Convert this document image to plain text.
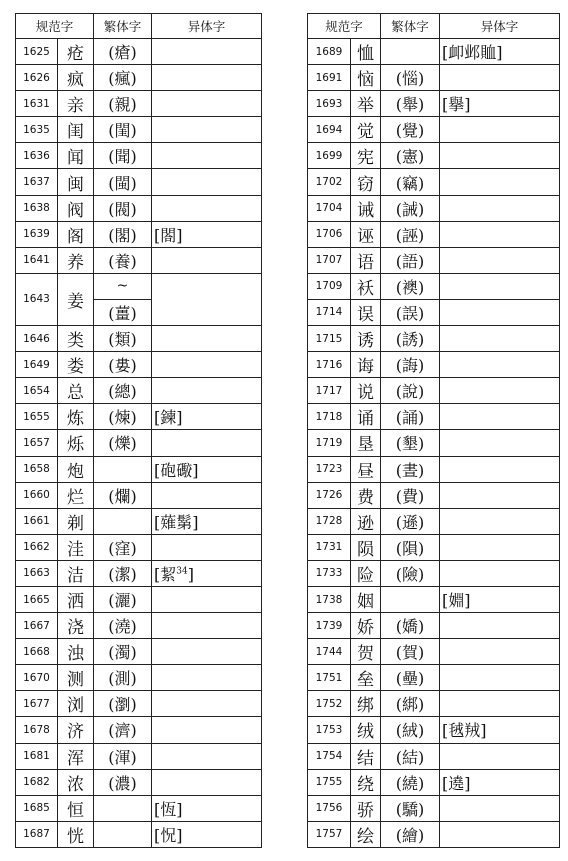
规范字		繁体字	异体字
1625	疮	(瘡)	
1626	疯	(瘋)	
1631	亲	(親)	
1635	闺	(閨)	
1636	闻	(聞)	
1637	闽	(閩)	
1638	阀	(閥)	
1639	阁	(閣)	[閤]
1641	养	(養)	
1643	姜	~	
		(薑)	
1646	类	(類)	
1649	娄	(婁)	
1654	总	(總)	
1655	炼	(煉)	[鍊]
1657	烁	(爍)	
1658	炮		[砲礮]
1660	烂	(爛)	
1661	剃		[薙鬀]
1662	洼	(窪)	
1663	洁	(潔)	[絜$^{34}$]
1665	洒	(灑)	
1667	浇	(澆)	
1668	浊	(濁)	
1670	测	(測)	
1677	浏	(瀏)	
1678	济	(濟)	
1681	浑	(渾)	
1682	浓	(濃)	
1685	恒		[恆]
1687	恍		[怳]
规范字		繁体字	异体字
1689	恤		[卹邺賉]
1691	恼	(惱)	
1693	举	(舉)	[擧]
1694	觉	(覺)	
1699	宪	(憲)	
1702	窃	(竊)	
1704	诫	(誡)	
1706	诬	(誣)	
1707	语	(語)	
1709	袄	(襖)	
1714	误	(誤)	
1715	诱	(誘)	
1716	诲	(誨)	
1717	说	(說)	
1718	诵	(誦)	
1719	垦	(墾)	
1723	昼	(晝)	
1726	费	(費)	
1728	逊	(遜)	
1731	陨	(隕)	
1733	险	(險)	
1738	姻		[婣]
1739	娇	(嬌)	
1744	贺	(賀)	
1751	垒	(壘)	
1752	绑	(綁)	
1753	绒	(絨)	[毧羢]
1754	结	(結)	
1755	绕	(繞)	[遶]
1756	骄	(驕)	
1757	绘	(繪)	
